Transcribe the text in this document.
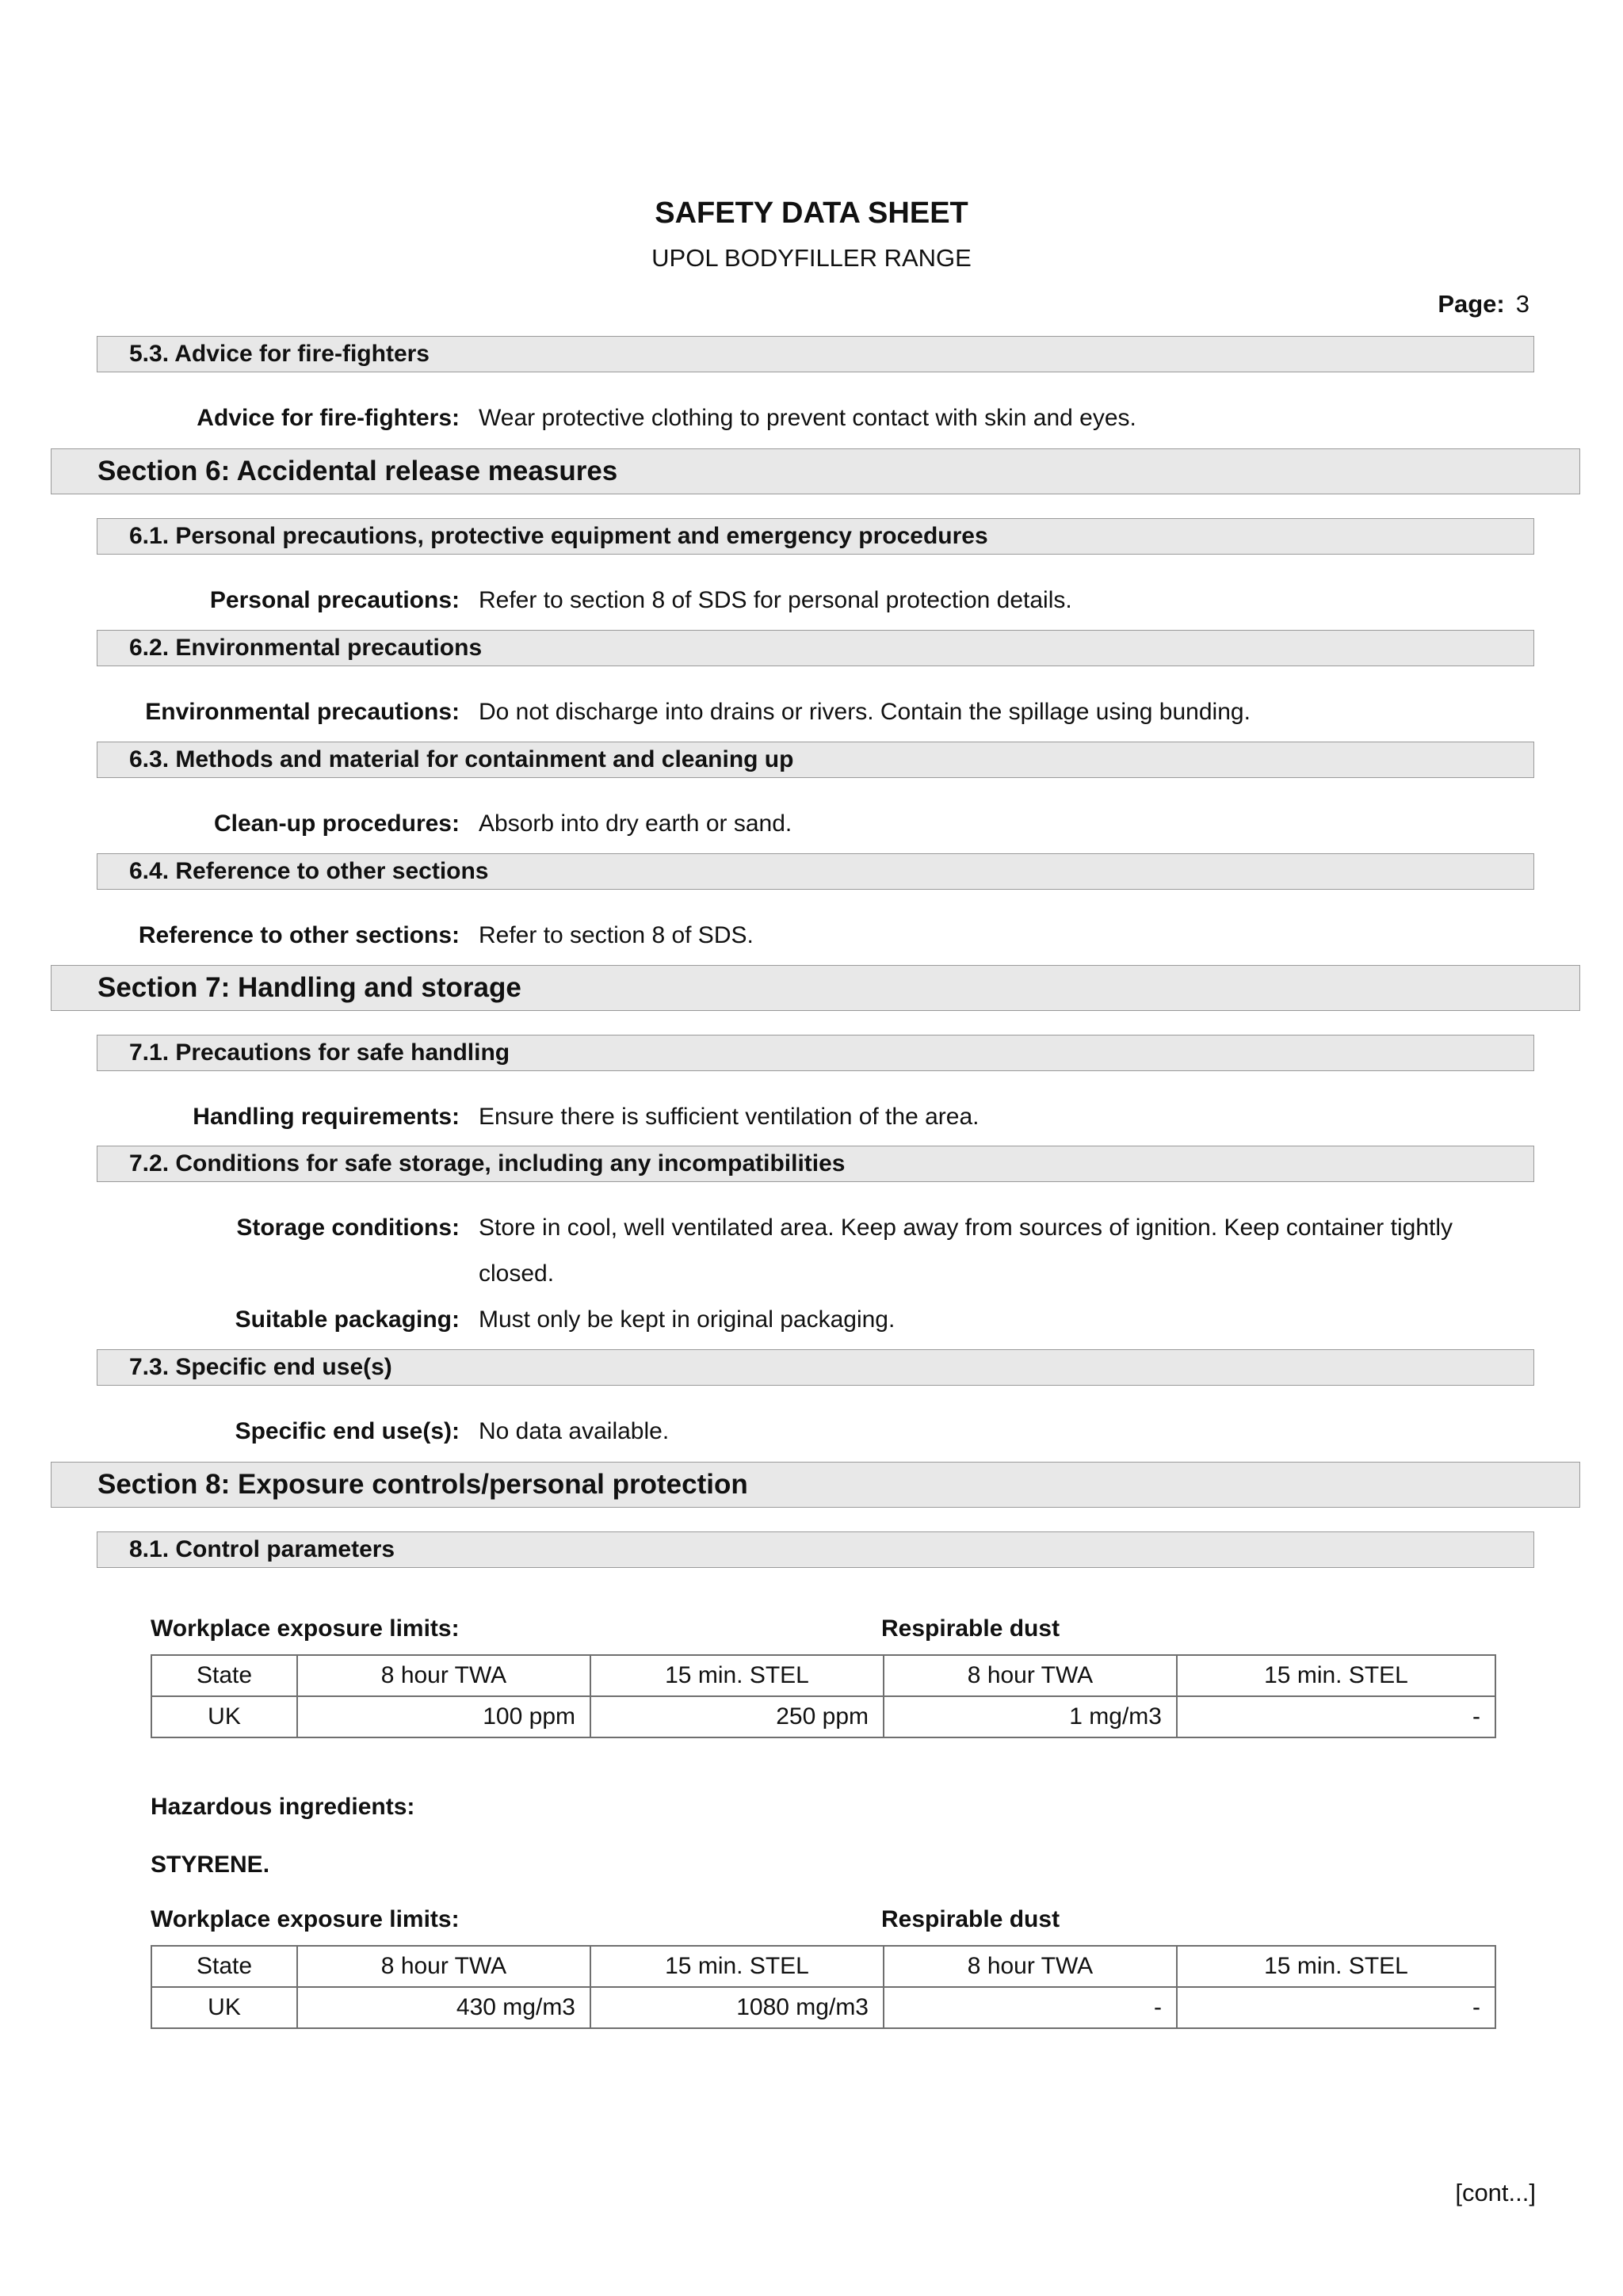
SAFETY DATA SHEET
UPOL BODYFILLER RANGE
Page: 3
5.3. Advice for fire-fighters
Advice for fire-fighters: Wear protective clothing to prevent contact with skin and eyes.
Section 6: Accidental release measures
6.1. Personal precautions, protective equipment and emergency procedures
Personal precautions: Refer to section 8 of SDS for personal protection details.
6.2. Environmental precautions
Environmental precautions: Do not discharge into drains or rivers. Contain the spillage using bunding.
6.3. Methods and material for containment and cleaning up
Clean-up procedures: Absorb into dry earth or sand.
6.4. Reference to other sections
Reference to other sections: Refer to section 8 of SDS.
Section 7: Handling and storage
7.1. Precautions for safe handling
Handling requirements: Ensure there is sufficient ventilation of the area.
7.2. Conditions for safe storage, including any incompatibilities
Storage conditions: Store in cool, well ventilated area. Keep away from sources of ignition. Keep container tightly closed.
Suitable packaging: Must only be kept in original packaging.
7.3. Specific end use(s)
Specific end use(s): No data available.
Section 8: Exposure controls/personal protection
8.1. Control parameters
Workplace exposure limits:	Respirable dust
State	8 hour TWA	15 min. STEL	8 hour TWA	15 min. STEL
UK	100 ppm	250 ppm	1 mg/m3	-
Hazardous ingredients:
STYRENE.
Workplace exposure limits:	Respirable dust
State	8 hour TWA	15 min. STEL	8 hour TWA	15 min. STEL
UK	430 mg/m3	1080 mg/m3	-	-
[cont...]
